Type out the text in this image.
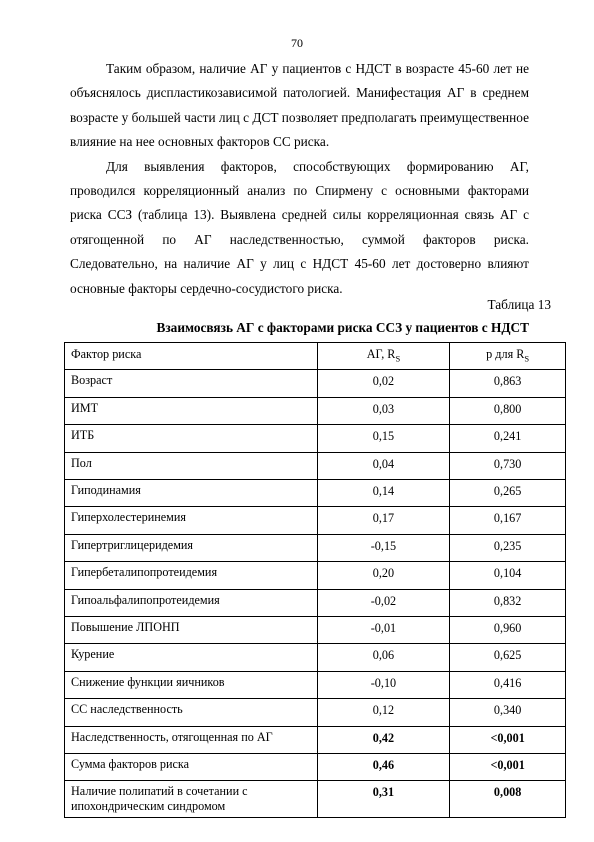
70

Таким образом, наличие АГ у пациентов с НДСТ в возрасте 45-60 лет не объяснялось диспластикозависимой патологией. Манифестация АГ в среднем возрасте у большей части лиц с ДСТ позволяет предполагать преимущественное влияние на нее основных факторов СС риска.

Для выявления факторов, способствующих формированию АГ, проводился корреляционный анализ по Спирмену с основными факторами риска ССЗ (таблица 13). Выявлена средней силы корреляционная связь АГ с отягощенной по АГ наследственностью, суммой факторов риска. Следовательно, на наличие АГ у лиц с НДСТ 45-60 лет достоверно влияют основные факторы сердечно-сосудистого риска.

Таблица 13
Взаимосвязь АГ с факторами риска ССЗ у пациентов с НДСТ
Фактор риска	АГ, $R_S$	p для $R_S$
Возраст	0,02	0,863
ИМТ	0,03	0,800
ИТБ	0,15	0,241
Пол	0,04	0,730
Гиподинамия	0,14	0,265
Гиперхолестеринемия	0,17	0,167
Гипертриглицеридемия	-0,15	0,235
Гипербеталипопротеидемия	0,20	0,104
Гипоальфалипопротеидемия	-0,02	0,832
Повышение ЛПОНП	-0,01	0,960
Курение	0,06	0,625
Снижение функции яичников	-0,10	0,416
СС наследственность	0,12	0,340
Наследственность, отягощенная по АГ	0,42	<0,001
Сумма факторов риска	0,46	<0,001
Наличие полипатий в сочетании с ипохондрическим синдромом	0,31	0,008
